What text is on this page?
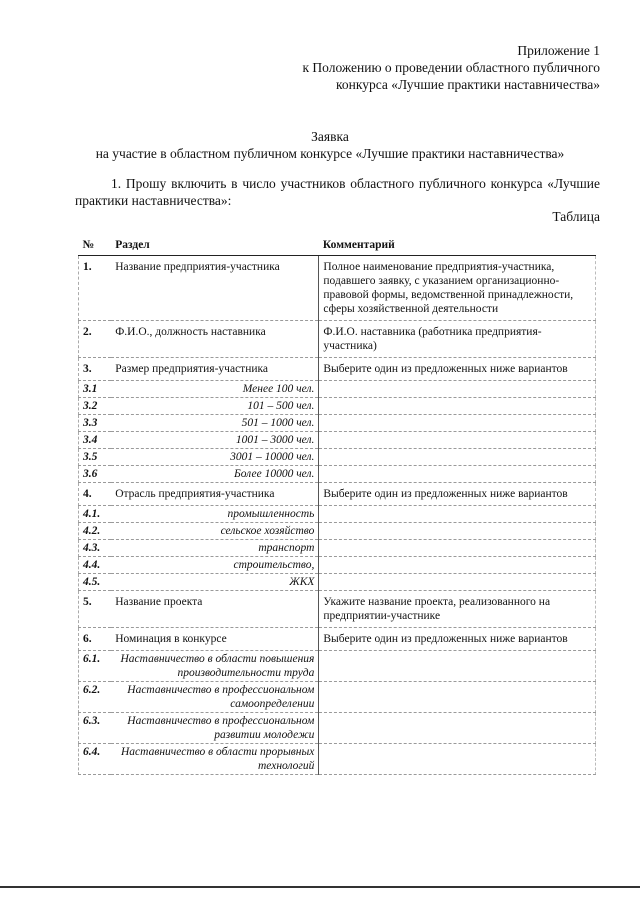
Приложение 1
к Положению о проведении областного публичного
конкурса «Лучшие практики наставничества»
Заявка
на участие в областном публичном конкурсе «Лучшие практики наставничества»
1. Прошу включить в число участников областного публичного конкурса «Лучшие практики наставничества»:
Таблица
№	Раздел	Комментарий
1.	Название предприятия-участника	Полное наименование предприятия-участника, подавшего заявку, с указанием организационно-правовой формы, ведомственной принадлежности, сферы хозяйственной деятельности
2.	Ф.И.О., должность наставника	Ф.И.О. наставника (работника предприятия-участника)
3.	Размер предприятия-участника	Выберите один из предложенных ниже вариантов
3.1	Менее 100 чел.	
3.2	101 – 500 чел.	
3.3	501 – 1000 чел.	
3.4	1001 – 3000 чел.	
3.5	3001 – 10000 чел.	
3.6	Более 10000 чел.	
4.	Отрасль предприятия-участника	Выберите один из предложенных ниже вариантов
4.1.	промышленность	
4.2.	сельское хозяйство	
4.3.	транспорт	
4.4.	строительство,	
4.5.	ЖКХ	
5.	Название проекта	Укажите название проекта, реализованного на предприятии-участнике
6.	Номинация в конкурсе	Выберите один из предложенных ниже вариантов
6.1.	Наставничество в области повышения производительности труда	
6.2.	Наставничество в профессиональном самоопределении	
6.3.	Наставничество в профессиональном развитии молодежи	
6.4.	Наставничество в области прорывных технологий	
